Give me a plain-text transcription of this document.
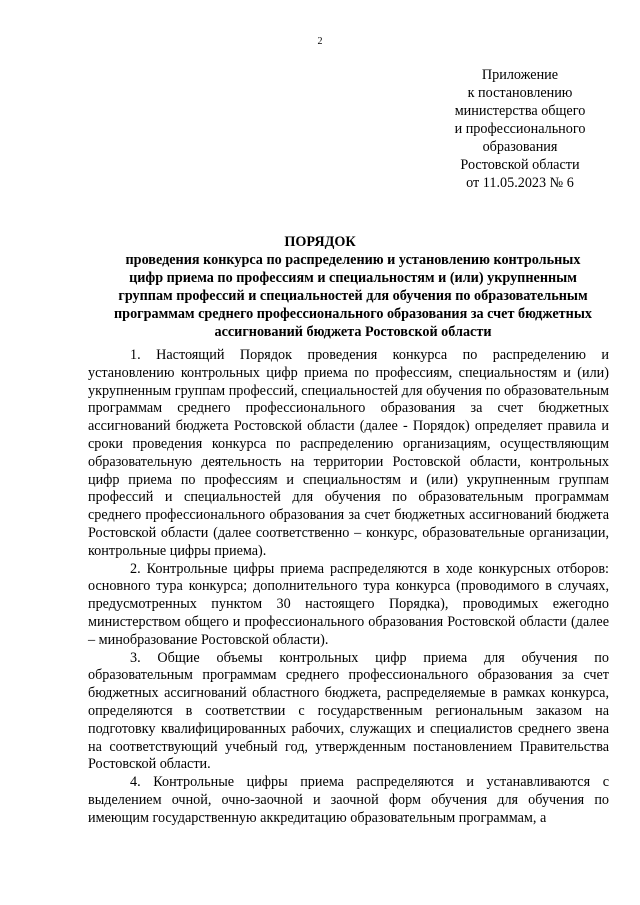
2
Приложение
к постановлению
министерства общего
и профессионального
образования
Ростовской области
от 11.05.2023 № 6
ПОРЯДОК
проведения конкурса по распределению и установлению контрольных
цифр приема по профессиям и специальностям и (или) укрупненным
группам профессий и специальностей для обучения по образовательным
программам среднего профессионального образования за счет бюджетных
ассигнований бюджета Ростовской области

1. Настоящий Порядок проведения конкурса по распределению и установлению контрольных цифр приема по профессиям, специальностям и (или) укрупненным группам профессий, специальностей для обучения по образовательным программам среднего профессионального образования за счет бюджетных ассигнований бюджета Ростовской области (далее - Порядок) определяет правила и сроки проведения конкурса по распределению организациям, осуществляющим образовательную деятельность на территории Ростовской области, контрольных цифр приема по профессиям и специальностям и (или) укрупненным группам профессий и специальностей для обучения по образовательным программам среднего профессионального образования за счет бюджетных ассигнований бюджета Ростовской области (далее соответственно – конкурс, образовательные организации, контрольные цифры приема).

2. Контрольные цифры приема распределяются в ходе конкурсных отборов: основного тура конкурса; дополнительного тура конкурса (проводимого в случаях, предусмотренных пунктом 30 настоящего Порядка), проводимых ежегодно министерством общего и профессионального образования Ростовской области (далее – минобразование Ростовской области).

3. Общие объемы контрольных цифр приема для обучения по образовательным программам среднего профессионального образования за счет бюджетных ассигнований областного бюджета, распределяемые в рамках конкурса, определяются в соответствии с государственным региональным заказом на подготовку квалифицированных рабочих, служащих и специалистов среднего звена на соответствующий учебный год, утвержденным постановлением Правительства Ростовской области.

4. Контрольные цифры приема распределяются и устанавливаются с выделением очной, очно-заочной и заочной форм обучения для обучения по имеющим государственную аккредитацию образовательным программам, а
